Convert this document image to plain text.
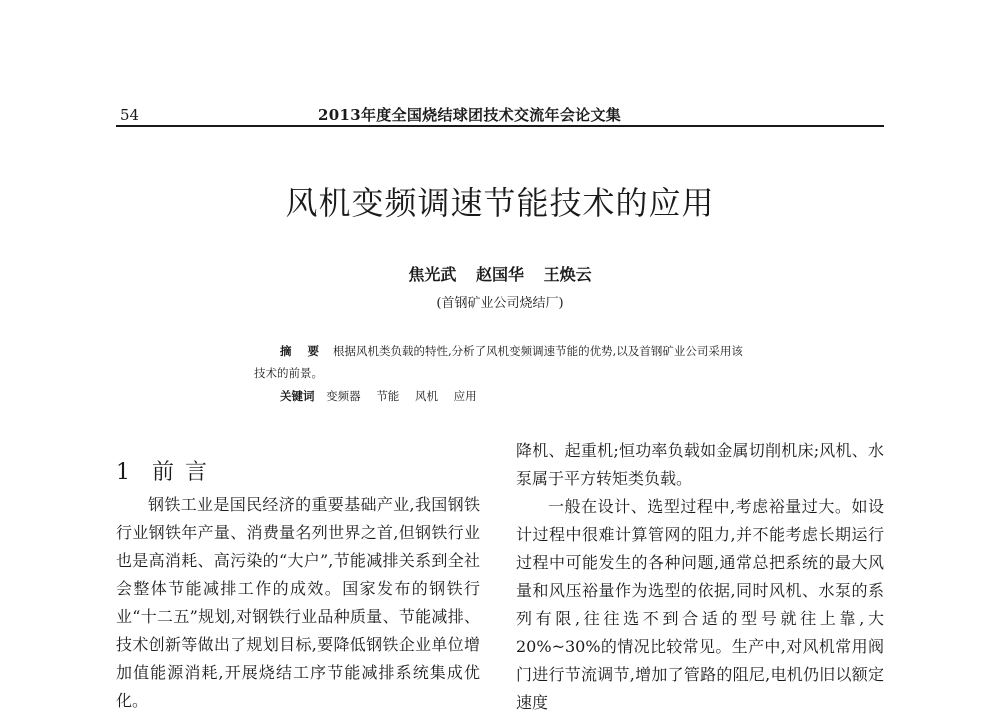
54	2013年度全国烧结球团技术交流年会论文集
风机变频调速节能技术的应用
焦光武 赵国华 王焕云
(首钢矿业公司烧结厂)
摘 要 根据风机类负载的特性,分析了风机变频调速节能的优势,以及首钢矿业公司采用该技术的前景。
关键词 变频器 节能 风机 应用
1 前 言

钢铁工业是国民经济的重要基础产业,我国钢铁行业钢铁年产量、消费量名列世界之首,但钢铁行业也是高消耗、高污染的“大户”,节能减排关系到全社会整体节能减排工作的成效。国家发布的钢铁行业“十二五”规划,对钢铁行业品种质量、节能减排、技术创新等做出了规划目标,要降低钢铁企业单位增加值能源消耗,开展烧结工序节能减排系统集成优化。

降机、起重机;恒功率负载如金属切削机床;风机、水泵属于平方转矩类负载。

一般在设计、选型过程中,考虑裕量过大。如设计过程中很难计算管网的阻力,并不能考虑长期运行过程中可能发生的各种问题,通常总把系统的最大风量和风压裕量作为选型的依据,同时风机、水泵的系列有限,往往选不到合适的型号就往上靠,大20%~30%的情况比较常见。生产中,对风机常用阀门进行节流调节,增加了管路的阻尼,电机仍旧以额定速度
